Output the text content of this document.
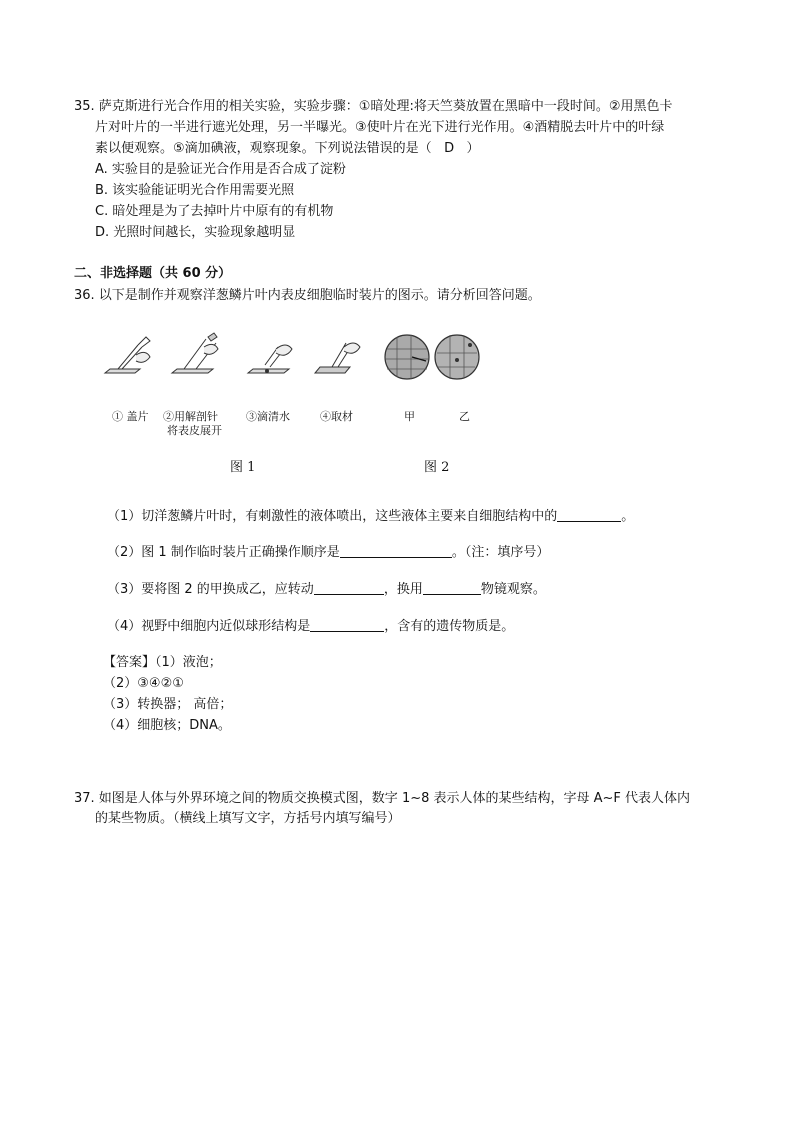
35. 萨克斯进行光合作用的相关实验，实验步骤：①暗处理:将天竺葵放置在黑暗中一段时间。②用黑色卡
片对叶片的一半进行遮光处理，另一半曝光。③使叶片在光下进行光作用。④酒精脱去叶片中的叶绿
素以便观察。⑤滴加碘液，观察现象。下列说法错误的是（ D ）
A. 实验目的是验证光合作用是否合成了淀粉
B. 该实验能证明光合作用需要光照
C. 暗处理是为了去掉叶片中原有的有机物
D. 光照时间越长，实验现象越明显
二、非选择题（共 60 分）
36. 以下是制作并观察洋葱鳞片叶内表皮细胞临时装片的图示。请分析回答问题。
① 盖片 ②用解剖针
将表皮展开
③滴清水	④取材	甲	乙
图 1	图 2
（1）切洋葱鳞片叶时，有刺激性的液体喷出，这些液体主要来自细胞结构中的	。
（2）图 1 制作临时装片正确操作顺序是	。（注：填序号）
（3）要将图 2 的甲换成乙，应转动	，换用	物镜观察。
（4）视野中细胞内近似球形结构是	，含有的遗传物质是。
【答案】（1）液泡；
（2）③④②①
（3）转换器； 高倍；
（4）细胞核；DNA。
37. 如图是人体与外界环境之间的物质交换模式图，数字 1~8 表示人体的某些结构，字母 A~F 代表人体内
的某些物质。（横线上填写文字，方括号内填写编号）
